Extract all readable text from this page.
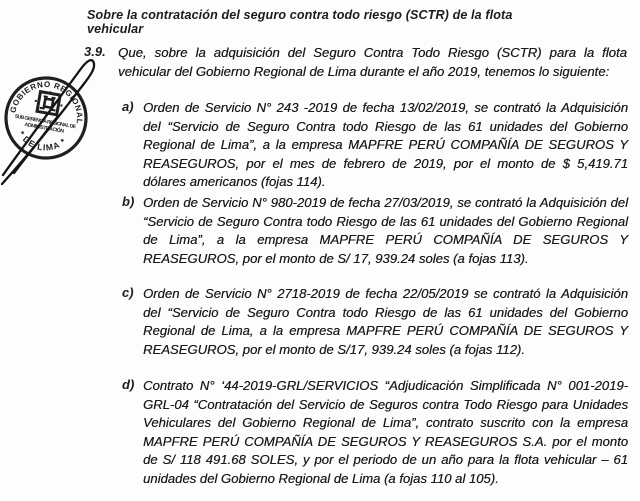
Sobre la contratación del seguro contra todo riesgo (SCTR) de la flota vehicular
3.9. Que, sobre la adquisición del Seguro Contra Todo Riesgo (SCTR) para la flota vehicular del Gobierno Regional de Lima durante el año 2019, tenemos lo siguiente:
a) Orden de Servicio N° 243 -2019 de fecha 13/02/2019, se contrató la Adquisición del “Servicio de Seguro Contra todo Riesgo de las 61 unidades del Gobierno Regional de Lima”, a la empresa MAPFRE PERÚ COMPAÑÍA DE SEGUROS Y REASEGUROS, por el mes de febrero de 2019, por el monto de $ 5,419.71 dólares americanos (fojas 114).
b) Orden de Servicio N° 980-2019 de fecha 27/03/2019, se contrató la Adquisición del “Servicio de Seguro Contra todo Riesgo de las 61 unidades del Gobierno Regional de Lima”, a la empresa MAPFRE PERÚ COMPAÑÍA DE SEGUROS Y REASEGUROS, por el monto de S/ 17, 939.24 soles (a fojas 113).
c) Orden de Servicio N° 2718-2019 de fecha 22/05/2019 se contrató la Adquisición del “Servicio de Seguro Contra todo Riesgo de las 61 unidades del Gobierno Regional de Lima, a la empresa MAPFRE PERÚ COMPAÑÍA DE SEGUROS Y REASEGUROS, por el monto de S/17, 939.24 soles (a fojas 112).
d) Contrato N° ‘44-2019-GRL/SERVICIOS “Adjudicación Simplificada N° 001-2019-GRL-04 “Contratación del Servicio de Seguros contra Todo Riesgo para Unidades Vehiculares del Gobierno Regional de Lima”, contrato suscrito con la empresa MAPFRE PERÚ COMPAÑÍA DE SEGUROS Y REASEGUROS S.A. por el monto de S/ 118 491.68 SOLES, y por el periodo de un año para la flota vehicular – 61 unidades del Gobierno Regional de Lima (a fojas 110 al 105).
GOBIERNO REGIONAL
* DE LIMA *
SUB GERENCIA REGIONAL DE
ADMINISTRACIÓN
